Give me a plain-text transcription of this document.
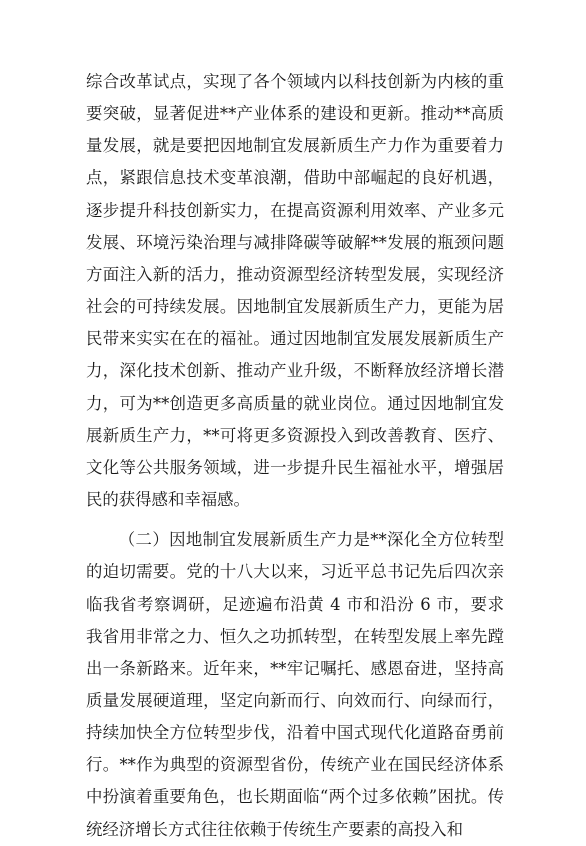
综合改革试点，实现了各个领域内以科技创新为内核的重要突破，显著促进**产业体系的建设和更新。推动**高质量发展，就是要把因地制宜发展新质生产力作为重要着力点，紧跟信息技术变革浪潮，借助中部崛起的良好机遇，逐步提升科技创新实力，在提高资源利用效率、产业多元发展、环境污染治理与减排降碳等破解**发展的瓶颈问题方面注入新的活力，推动资源型经济转型发展，实现经济社会的可持续发展。因地制宜发展新质生产力，更能为居民带来实实在在的福祉。通过因地制宜发展发展新质生产力，深化技术创新、推动产业升级，不断释放经济增长潜力，可为**创造更多高质量的就业岗位。通过因地制宜发展新质生产力，**可将更多资源投入到改善教育、医疗、文化等公共服务领域，进一步提升民生福祉水平，增强居民的获得感和幸福感。

（二）因地制宜发展新质生产力是**深化全方位转型的迫切需要。党的十八大以来，习近平总书记先后四次亲临我省考察调研，足迹遍布沿黄 4 市和沿汾 6 市，要求我省用非常之力、恒久之功抓转型，在转型发展上率先蹚出一条新路来。近年来，**牢记嘱托、感恩奋进，坚持高质量发展硬道理，坚定向新而行、向效而行、向绿而行，持续加快全方位转型步伐，沿着中国式现代化道路奋勇前行。**作为典型的资源型省份，传统产业在国民经济体系中扮演着重要角色，也长期面临“两个过多依赖”困扰。传统经济增长方式往往依赖于传统生产要素的高投入和
